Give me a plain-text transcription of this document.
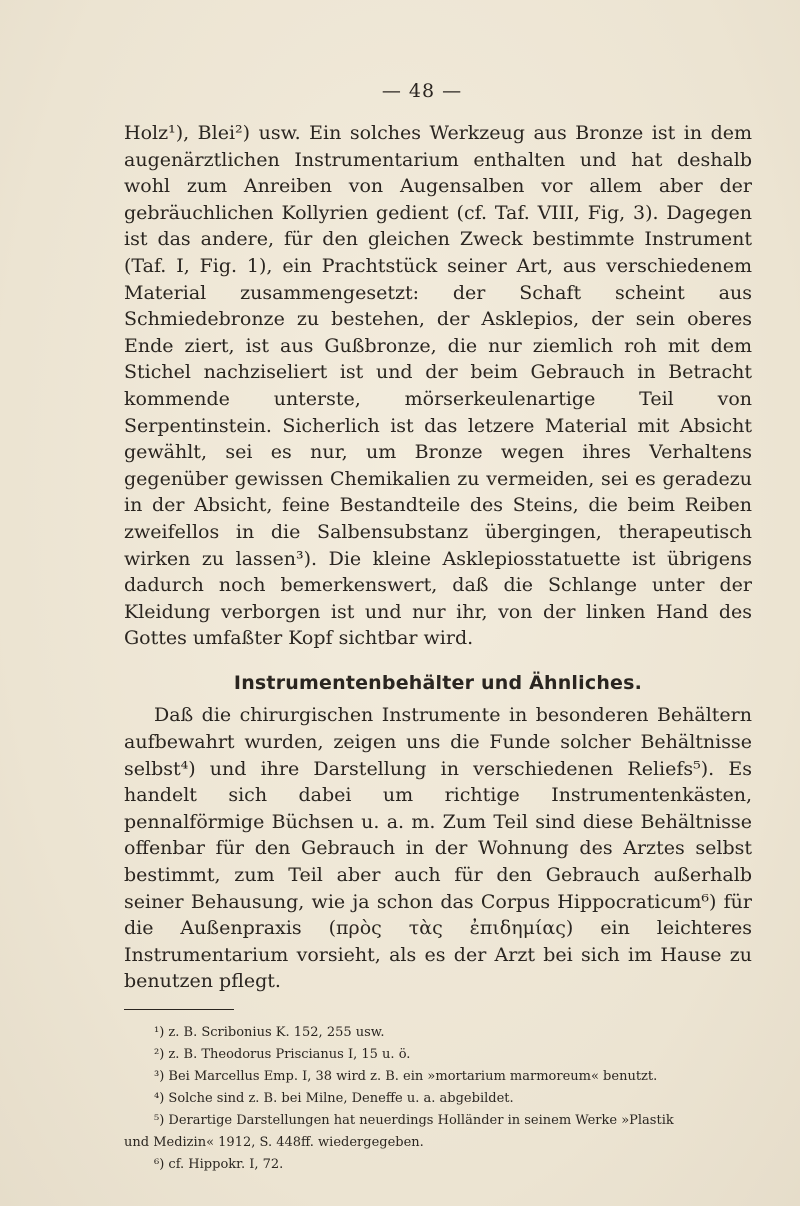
— 48 —

Holz¹), Blei²) usw. Ein solches Werkzeug aus Bronze ist in dem augenärztlichen Instrumentarium enthalten und hat deshalb wohl zum Anreiben von Augensalben vor allem aber der gebräuchlichen Kollyrien gedient (cf. Taf. VIII, Fig, 3). Dagegen ist das andere, für den gleichen Zweck bestimmte Instrument (Taf. I, Fig. 1), ein Prachtstück seiner Art, aus verschiedenem Material zusammengesetzt: der Schaft scheint aus Schmiedebronze zu bestehen, der Asklepios, der sein oberes Ende ziert, ist aus Gußbronze, die nur ziemlich roh mit dem Stichel nachziseliert ist und der beim Gebrauch in Betracht kommende unterste, mörserkeulenartige Teil von Serpentinstein. Sicherlich ist das letzere Material mit Absicht gewählt, sei es nur, um Bronze wegen ihres Verhaltens gegenüber gewissen Chemikalien zu vermeiden, sei es geradezu in der Absicht, feine Bestandteile des Steins, die beim Reiben zweifellos in die Salbensubstanz übergingen, therapeutisch wirken zu lassen³). Die kleine Asklepiosstatuette ist übrigens dadurch noch bemerkenswert, daß die Schlange unter der Kleidung verborgen ist und nur ihr, von der linken Hand des Gottes umfaßter Kopf sichtbar wird.

Instrumentenbehälter und Ähnliches.

Daß die chirurgischen Instrumente in besonderen Behältern aufbewahrt wurden, zeigen uns die Funde solcher Behältnisse selbst⁴) und ihre Darstellung in verschiedenen Reliefs⁵). Es handelt sich dabei um richtige Instrumentenkästen, pennalförmige Büchsen u. a. m. Zum Teil sind diese Behältnisse offenbar für den Gebrauch in der Wohnung des Arztes selbst bestimmt, zum Teil aber auch für den Gebrauch außerhalb seiner Behausung, wie ja schon das Corpus Hippocraticum⁶) für die Außenpraxis (πρὸς τὰς ἐπιδημίας) ein leichteres Instrumentarium vorsieht, als es der Arzt bei sich im Hause zu benutzen pflegt.

¹) z. B. Scribonius K. 152, 255 usw.

²) z. B. Theodorus Priscianus I, 15 u. ö.

³) Bei Marcellus Emp. I, 38 wird z. B. ein »mortarium marmoreum« benutzt.

⁴) Solche sind z. B. bei Milne, Deneffe u. a. abgebildet.

⁵) Derartige Darstellungen hat neuerdings Holländer in seinem Werke »Plastik

und Medizin« 1912, S. 448ff. wiedergegeben.

⁶) cf. Hippokr. I, 72.
